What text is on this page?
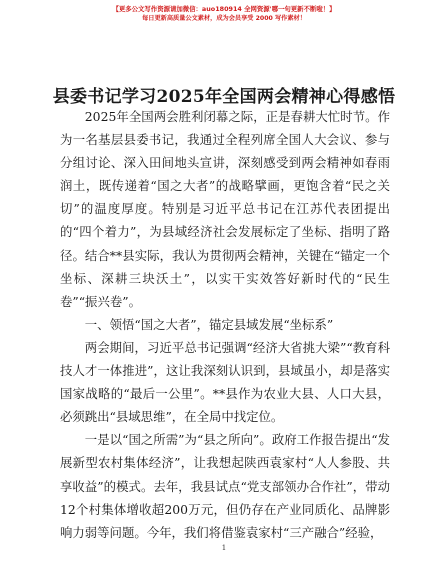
【更多公文写作资源请加微信：auo180914 全网资源'哪一句更新不断啦！】
每日更新高质量公文素材，成为会员享受 2000 写作素材！
县委书记学习2025年全国两会精神心得感悟

2025年全国两会胜利闭幕之际，正是春耕大忙时节。作为一名基层县委书记，我通过全程列席全国人大会议、参与分组讨论、深入田间地头宣讲，深刻感受到两会精神如春雨润土，既传递着“国之大者”的战略擘画，更饱含着“民之关切”的温度厚度。特别是习近平总书记在江苏代表团提出的“四个着力”，为县域经济社会发展标定了坐标、指明了路径。结合**县实际，我认为贯彻两会精神，关键在“锚定一个坐标、深耕三块沃土”，以实干实效答好新时代的“民生卷”“振兴卷”。

一、领悟“国之大者”，锚定县域发展“坐标系”

两会期间，习近平总书记强调“经济大省挑大梁”“教育科技人才一体推进”，这让我深刻认识到，县域虽小，却是落实国家战略的“最后一公里”。**县作为农业大县、人口大县，必须跳出“县域思维”，在全局中找定位。

一是以“国之所需”为“县之所向”。政府工作报告提出“发展新型农村集体经济”，让我想起陕西袁家村“人人参股、共享收益”的模式。去年，我县试点“党支部领办合作社”，带动12个村集体增收超200万元，但仍存在产业同质化、品牌影响力弱等问题。今年，我们将借鉴袁家村“三产融合”经验，

1
